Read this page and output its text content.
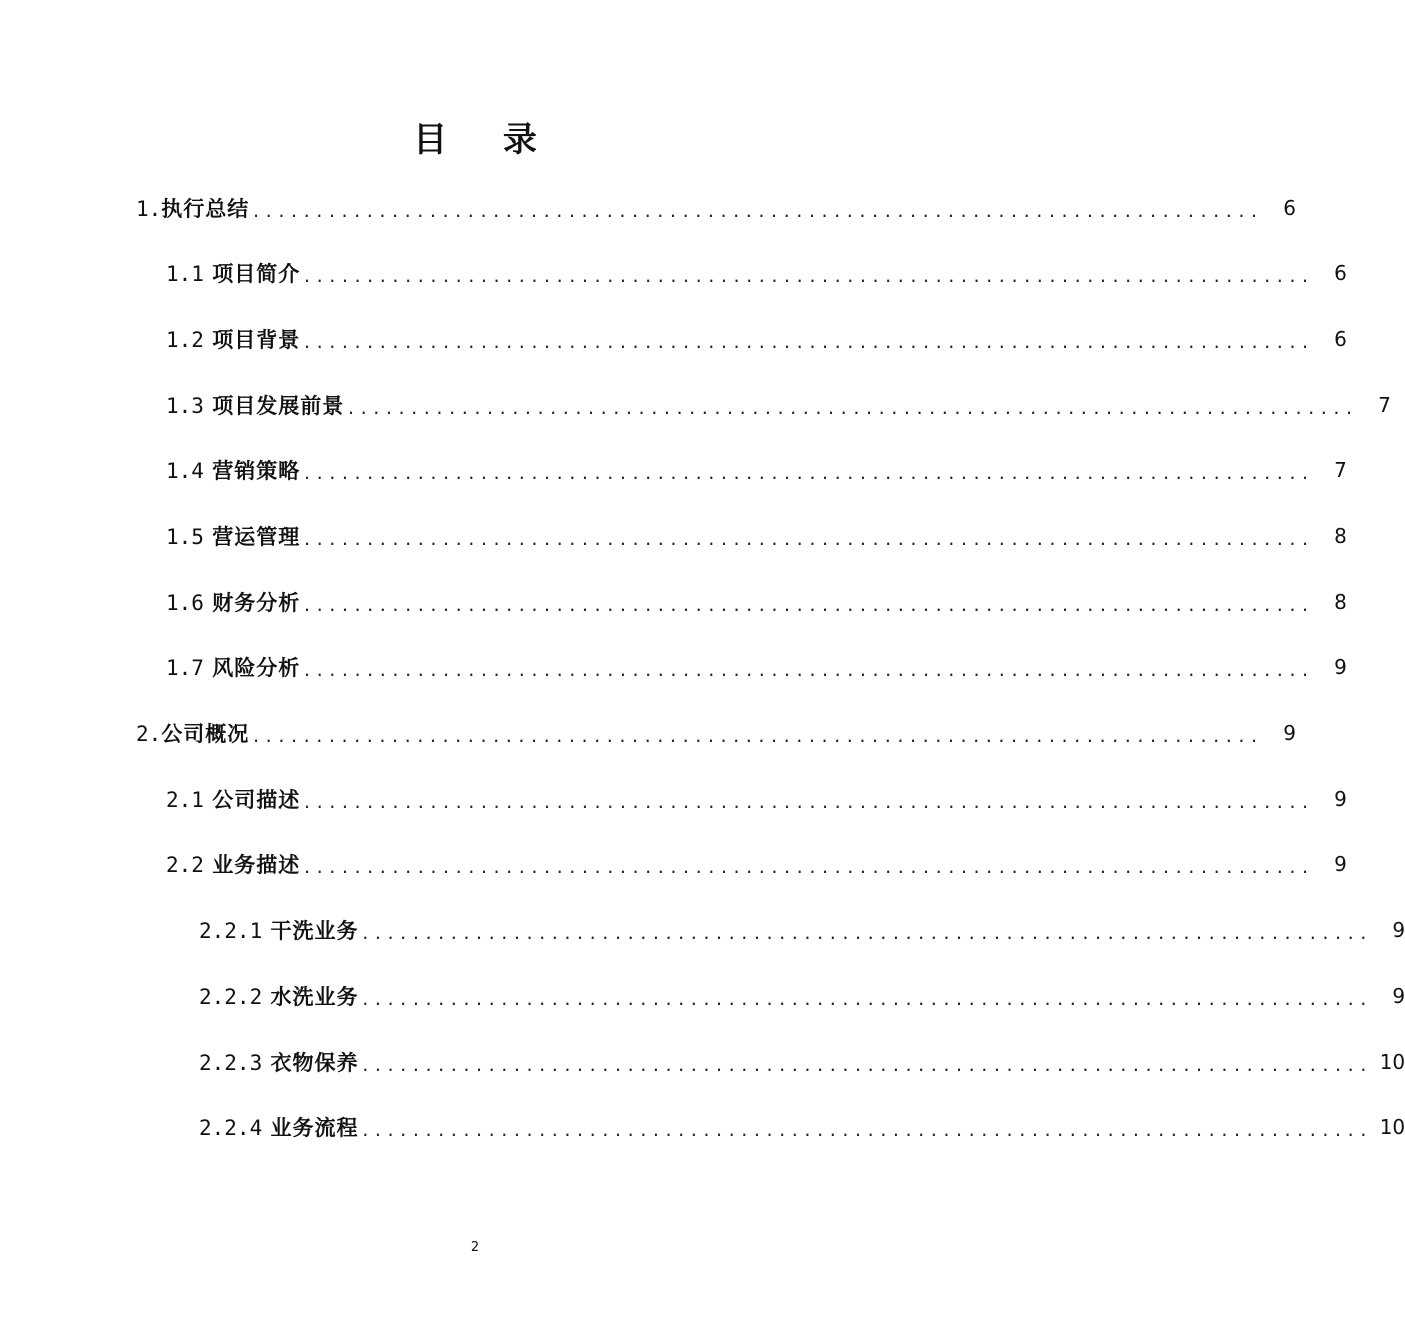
目 录
1.执行总结 ................................................................................	6
1.1 项目简介 ................................................................................	6
1.2 项目背景 ................................................................................	6
1.3 项目发展前景 ................................................................................	7
1.4 营销策略 ................................................................................	7
1.5 营运管理 ................................................................................	8
1.6 财务分析 ................................................................................	8
1.7 风险分析 ................................................................................	9
2.公司概况 ................................................................................	9
2.1 公司描述 ................................................................................	9
2.2 业务描述 ................................................................................	9
2.2.1 干洗业务 ................................................................................	9
2.2.2 水洗业务 ................................................................................	9
2.2.3 衣物保养 ................................................................................ 10
2.2.4 业务流程 ................................................................................ 10
2
